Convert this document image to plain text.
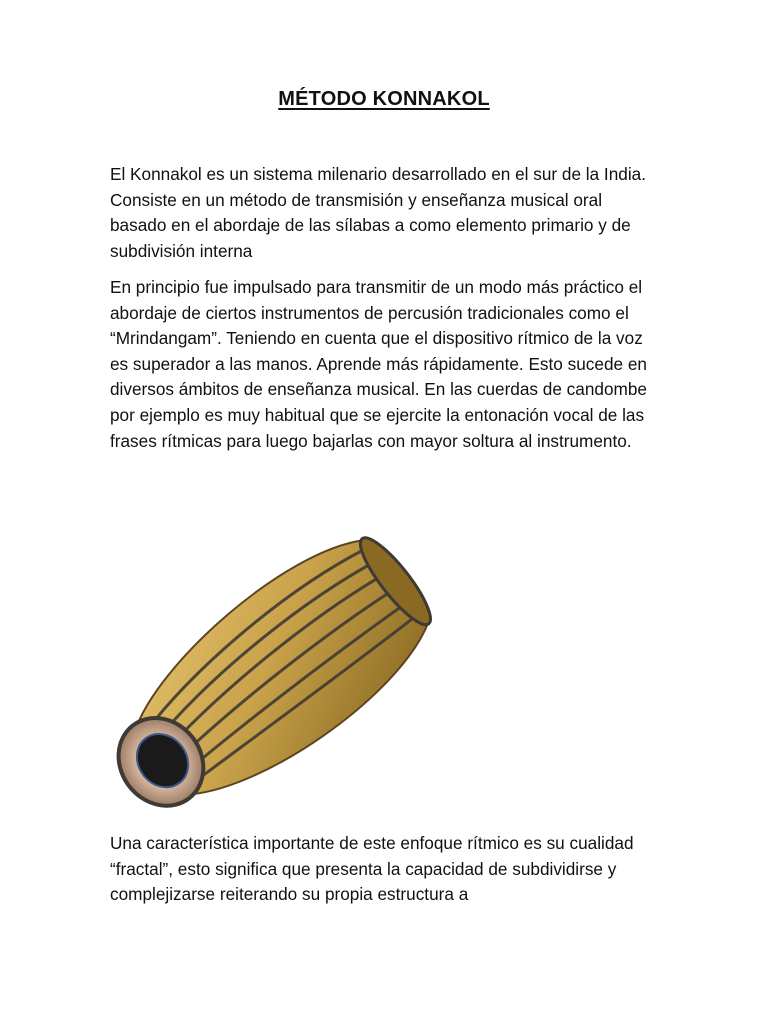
MÉTODO KONNAKOL

El Konnakol es un sistema milenario desarrollado en el sur de la India. Consiste en un método de transmisión y enseñanza musical oral basado en el abordaje de las sílabas a como elemento primario y de subdivisión interna

En principio fue impulsado para transmitir de un modo más práctico el abordaje de ciertos instrumentos de percusión tradicionales como el “Mrindangam”. Teniendo en cuenta que el dispositivo rítmico de la voz es superador a las manos. Aprende más rápidamente. Esto sucede en diversos ámbitos de enseñanza musical. En las cuerdas de candombe por ejemplo es muy habitual que se ejercite la entonación vocal de las frases rítmicas para luego bajarlas con mayor soltura al instrumento.

Una característica importante de este enfoque rítmico es su cualidad “fractal”, esto significa que presenta la capacidad de subdividirse y complejizarse reiterando su propia estructura a
